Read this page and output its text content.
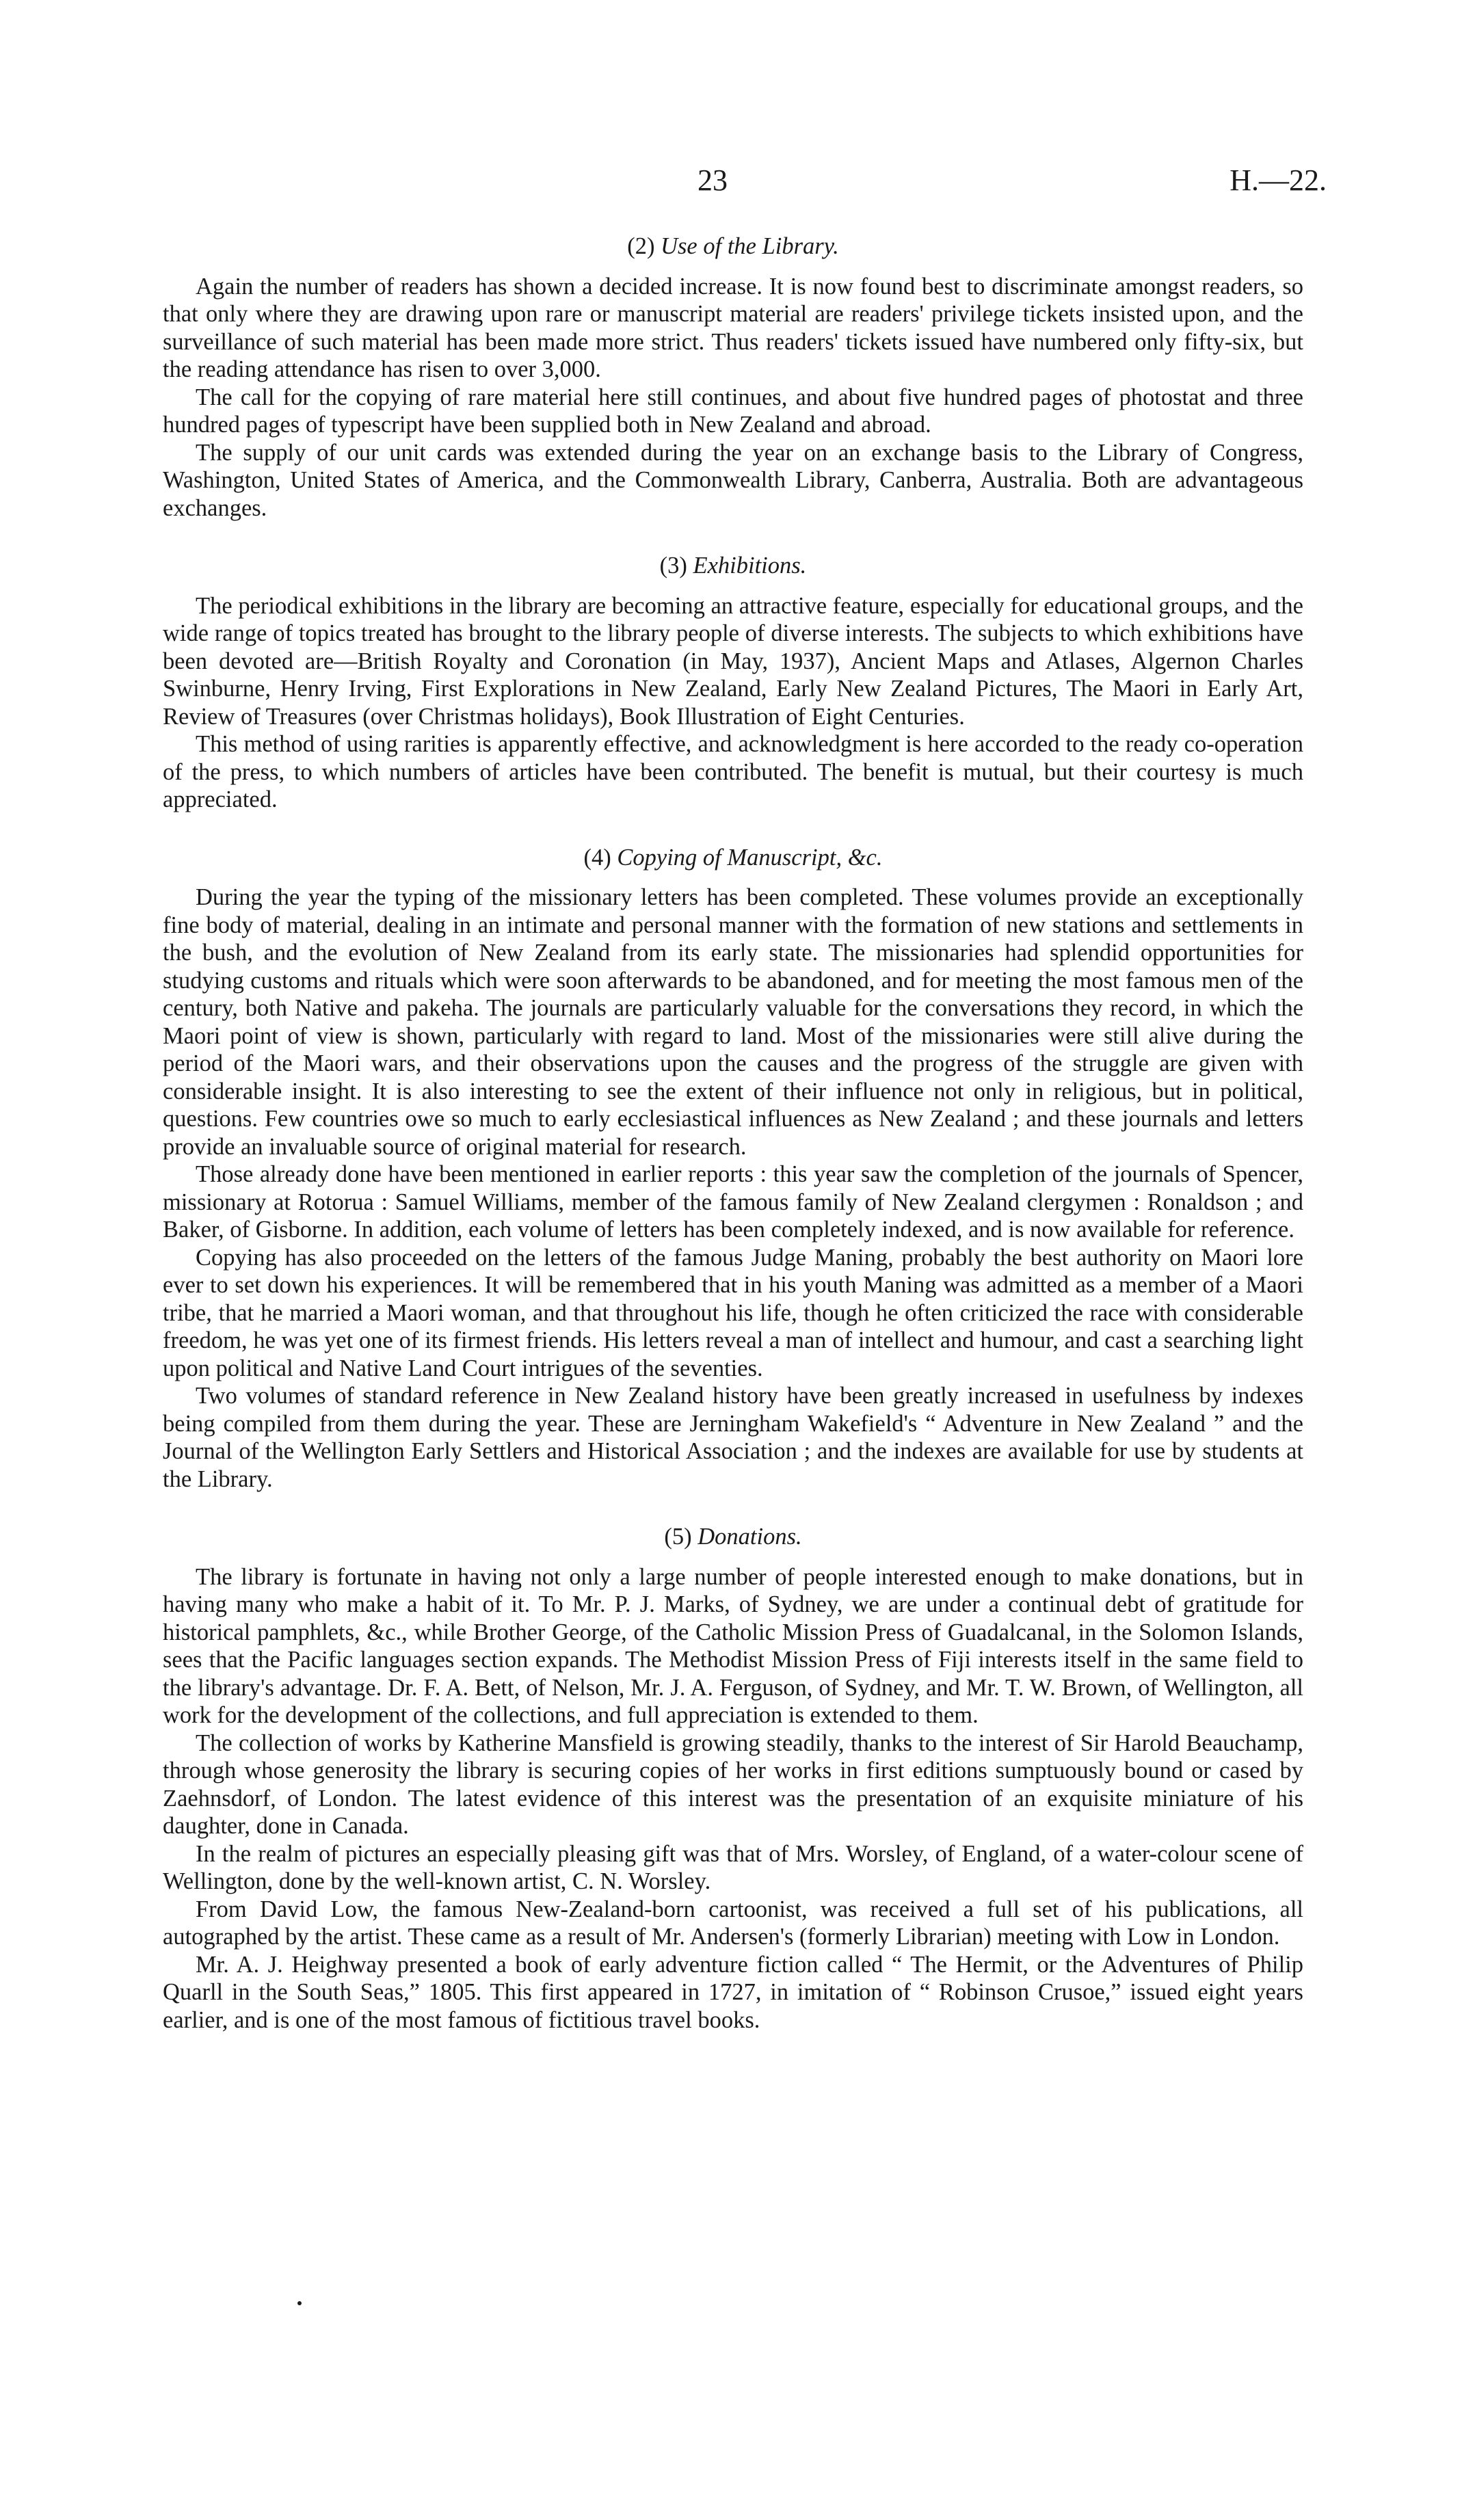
23	H.—22.

(2) Use of the Library.

Again the number of readers has shown a decided increase. It is now found best to discriminate amongst readers, so that only where they are drawing upon rare or manuscript material are readers' privilege tickets insisted upon, and the surveillance of such material has been made more strict. Thus readers' tickets issued have numbered only fifty-six, but the reading attendance has risen to over 3,000.

The call for the copying of rare material here still continues, and about five hundred pages of photostat and three hundred pages of typescript have been supplied both in New Zealand and abroad.

The supply of our unit cards was extended during the year on an exchange basis to the Library of Congress, Washington, United States of America, and the Commonwealth Library, Canberra, Australia. Both are advantageous exchanges.

(3) Exhibitions.

The periodical exhibitions in the library are becoming an attractive feature, especially for educational groups, and the wide range of topics treated has brought to the library people of diverse interests. The subjects to which exhibitions have been devoted are—British Royalty and Coronation (in May, 1937), Ancient Maps and Atlases, Algernon Charles Swinburne, Henry Irving, First Explorations in New Zealand, Early New Zealand Pictures, The Maori in Early Art, Review of Treasures (over Christmas holidays), Book Illustration of Eight Centuries.

This method of using rarities is apparently effective, and acknowledgment is here accorded to the ready co-operation of the press, to which numbers of articles have been contributed. The benefit is mutual, but their courtesy is much appreciated.

(4) Copying of Manuscript, &c.

During the year the typing of the missionary letters has been completed. These volumes provide an exceptionally fine body of material, dealing in an intimate and personal manner with the formation of new stations and settlements in the bush, and the evolution of New Zealand from its early state. The missionaries had splendid opportunities for studying customs and rituals which were soon afterwards to be abandoned, and for meeting the most famous men of the century, both Native and pakeha. The journals are particularly valuable for the conversations they record, in which the Maori point of view is shown, particularly with regard to land. Most of the missionaries were still alive during the period of the Maori wars, and their observations upon the causes and the progress of the struggle are given with considerable insight. It is also interesting to see the extent of their influence not only in religious, but in political, questions. Few countries owe so much to early ecclesiastical influences as New Zealand ; and these journals and letters provide an invaluable source of original material for research.

Those already done have been mentioned in earlier reports : this year saw the completion of the journals of Spencer, missionary at Rotorua : Samuel Williams, member of the famous family of New Zealand clergymen : Ronaldson ; and Baker, of Gisborne. In addition, each volume of letters has been completely indexed, and is now available for reference.

Copying has also proceeded on the letters of the famous Judge Maning, probably the best authority on Maori lore ever to set down his experiences. It will be remembered that in his youth Maning was admitted as a member of a Maori tribe, that he married a Maori woman, and that throughout his life, though he often criticized the race with considerable freedom, he was yet one of its firmest friends. His letters reveal a man of intellect and humour, and cast a searching light upon political and Native Land Court intrigues of the seventies.

Two volumes of standard reference in New Zealand history have been greatly increased in usefulness by indexes being compiled from them during the year. These are Jerningham Wakefield's “ Adventure in New Zealand ” and the Journal of the Wellington Early Settlers and Historical Association ; and the indexes are available for use by students at the Library.

(5) Donations.

The library is fortunate in having not only a large number of people interested enough to make donations, but in having many who make a habit of it. To Mr. P. J. Marks, of Sydney, we are under a continual debt of gratitude for historical pamphlets, &c., while Brother George, of the Catholic Mission Press of Guadalcanal, in the Solomon Islands, sees that the Pacific languages section expands. The Methodist Mission Press of Fiji interests itself in the same field to the library's advantage. Dr. F. A. Bett, of Nelson, Mr. J. A. Ferguson, of Sydney, and Mr. T. W. Brown, of Wellington, all work for the development of the collections, and full appreciation is extended to them.

The collection of works by Katherine Mansfield is growing steadily, thanks to the interest of Sir Harold Beauchamp, through whose generosity the library is securing copies of her works in first editions sumptuously bound or cased by Zaehnsdorf, of London. The latest evidence of this interest was the presentation of an exquisite miniature of his daughter, done in Canada.

In the realm of pictures an especially pleasing gift was that of Mrs. Worsley, of England, of a water-colour scene of Wellington, done by the well-known artist, C. N. Worsley.

From David Low, the famous New-Zealand-born cartoonist, was received a full set of his publications, all autographed by the artist. These came as a result of Mr. Andersen's (formerly Librarian) meeting with Low in London.

Mr. A. J. Heighway presented a book of early adventure fiction called “ The Hermit, or the Adventures of Philip Quarll in the South Seas,” 1805. This first appeared in 1727, in imitation of “ Robinson Crusoe,” issued eight years earlier, and is one of the most famous of fictitious travel books.
